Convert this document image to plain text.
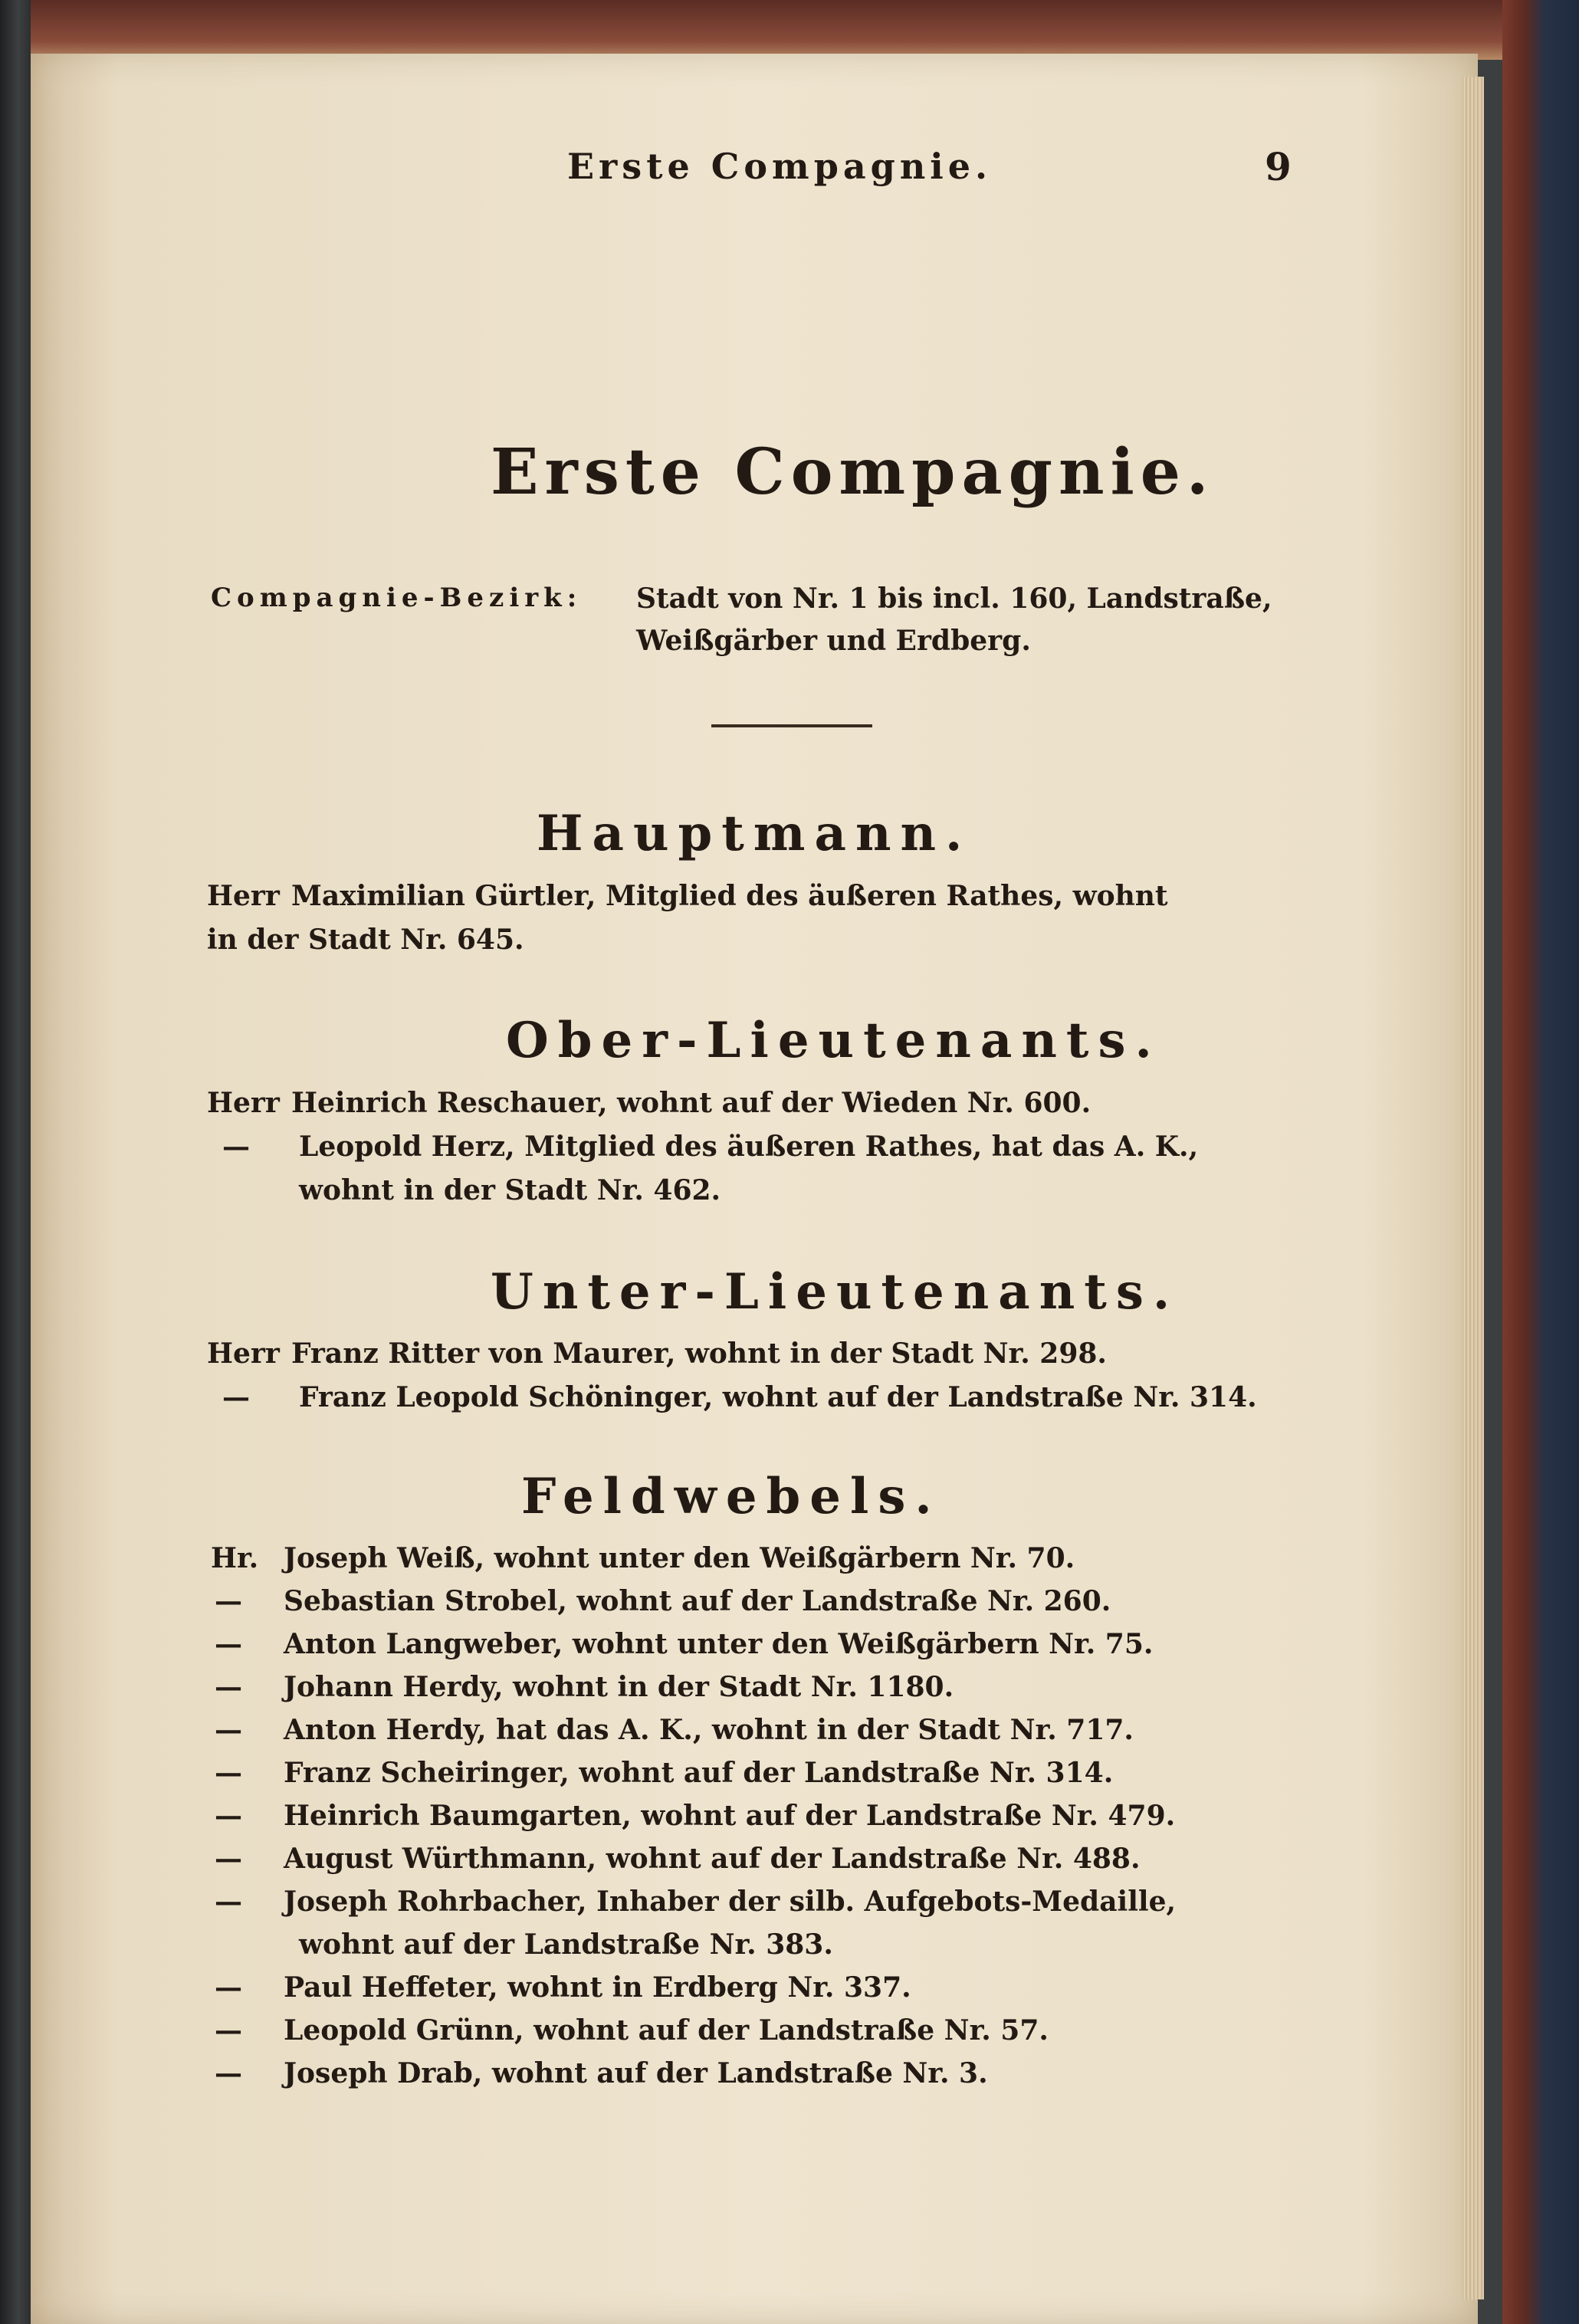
Erste Compagnie.	9
Erste Compagnie.
Compagnie-Bezirk: Stadt von Nr. 1 bis incl. 160, Landstraße,
Weißgärber und Erdberg.
Hauptmann.
Herr Maximilian Gürtler, Mitglied des äußeren Rathes, wohnt
in der Stadt Nr. 645.
Ober-Lieutenants.
Herr Heinrich Reschauer, wohnt auf der Wieden Nr. 600.
— Leopold Herz, Mitglied des äußeren Rathes, hat das A. K.,
wohnt in der Stadt Nr. 462.
Unter-Lieutenants.
Herr Franz Ritter von Maurer, wohnt in der Stadt Nr. 298.
— Franz Leopold Schöninger, wohnt auf der Landstraße Nr. 314.
Feldwebels.
Hr. Joseph Weiß, wohnt unter den Weißgärbern Nr. 70.
— Sebastian Strobel, wohnt auf der Landstraße Nr. 260.
— Anton Langweber, wohnt unter den Weißgärbern Nr. 75.
— Johann Herdy, wohnt in der Stadt Nr. 1180.
— Anton Herdy, hat das A. K., wohnt in der Stadt Nr. 717.
— Franz Scheiringer, wohnt auf der Landstraße Nr. 314.
— Heinrich Baumgarten, wohnt auf der Landstraße Nr. 479.
— August Würthmann, wohnt auf der Landstraße Nr. 488.
— Joseph Rohrbacher, Inhaber der silb. Aufgebots-Medaille,
wohnt auf der Landstraße Nr. 383.
— Paul Heffeter, wohnt in Erdberg Nr. 337.
— Leopold Grünn, wohnt auf der Landstraße Nr. 57.
— Joseph Drab, wohnt auf der Landstraße Nr. 3.
